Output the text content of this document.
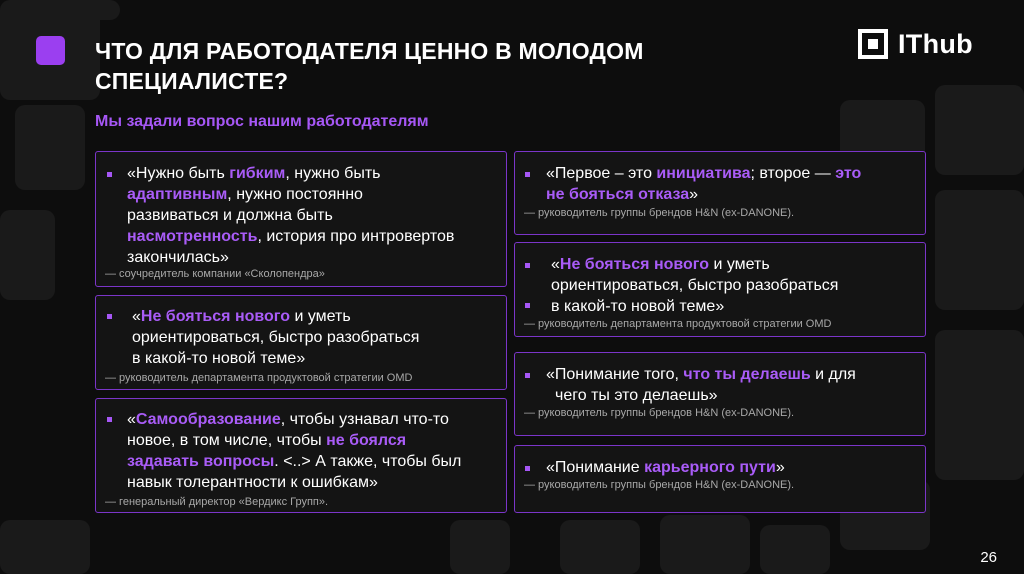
ЧТО ДЛЯ РАБОТОДАТЕЛЯ ЦЕННО В МОЛОДОМ
СПЕЦИАЛИСТЕ?
IThub
Мы задали вопрос нашим работодателям
«Нужно быть гибким, нужно быть
адаптивным, нужно постоянно
развиваться и должна быть
насмотренность, история про интровертов
закончилась»
— соучредитель компании «Сколопендра»
«Не бояться нового и уметь
ориентироваться, быстро разобраться
в какой-то новой теме»
— руководитель департамента продуктовой стратегии OMD
«Самообразование, чтобы узнавал что-то
новое, в том числе, чтобы не боялся
задавать вопросы. <..> А также, чтобы был
навык толерантности к ошибкам»
— генеральный директор «Вердикс Групп».
«Первое – это инициатива; второе — это
не бояться отказа»
— руководитель группы брендов H&N (ex-DANONE).
«Не бояться нового и уметь
ориентироваться, быстро разобраться
в какой-то новой теме»
— руководитель департамента продуктовой стратегии OMD
«Понимание того, что ты делаешь и для
чего ты это делаешь»
— руководитель группы брендов H&N (ex-DANONE).
«Понимание карьерного пути»
— руководитель группы брендов H&N (ex-DANONE).
26
